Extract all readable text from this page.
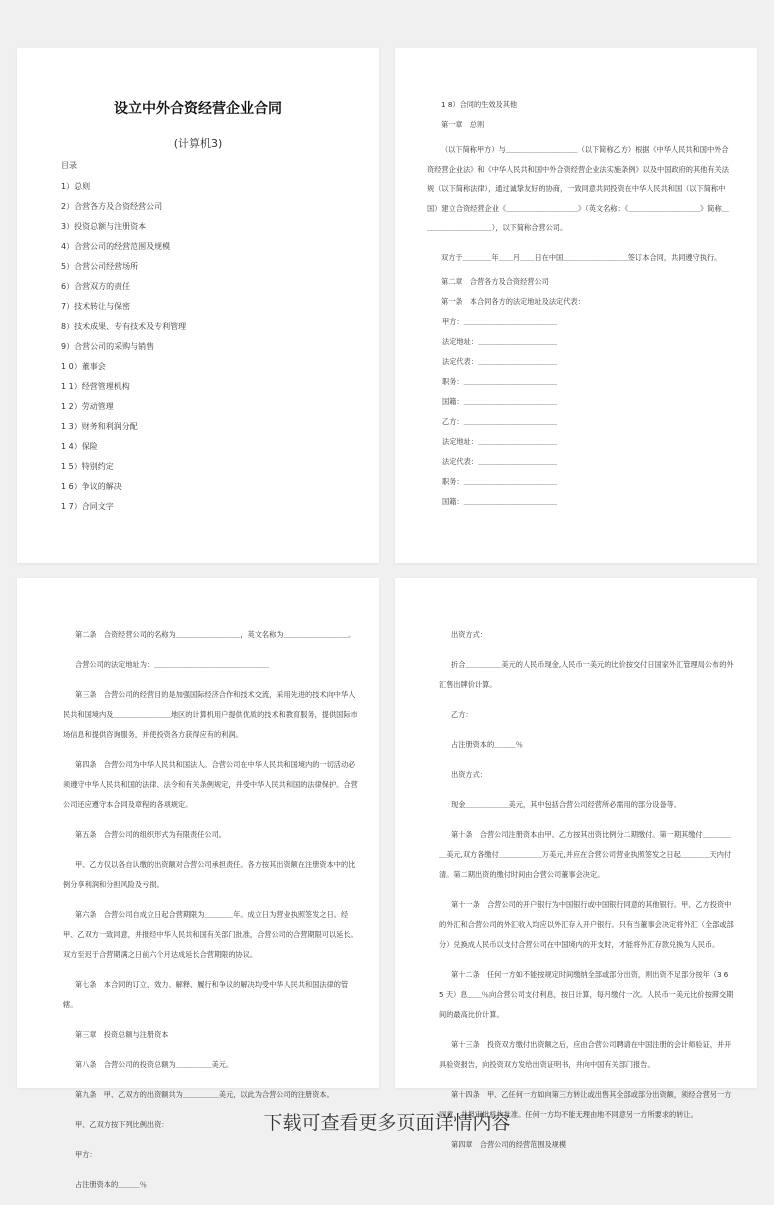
设立中外合资经营企业合同
(计算机3)
目录
1）总则
2）合营各方及合资经营公司
3）投资总额与注册资本
4）合营公司的经营范围及规模
5）合营公司经营场所
6）合营双方的责任
7）技术转让与保密
8）技术成果、专有技术及专利管理
9）合营公司的采购与销售
1 0）董事会
1 1）经营管理机构
1 2）劳动管理
1 3）财务和利润分配
1 4）保险
1 5）特别约定
1 6）争议的解决
1 7）合同文字
1 8）合同的生效及其他
第一章　总则
（以下简称甲方）与＿＿＿＿＿＿＿＿＿＿（以下简称乙方）根据《中华人民共和国中外合资经营企业法》和《中华人民共和国中外合资经营企业法实施条例》以及中国政府的其他有关法规（以下简称法律），通过诚挚友好的协商，一致同意共同投资在中华人民共和国（以下简称中国）建立合资经营企业《＿＿＿＿＿＿＿＿＿＿》（英文名称：《＿＿＿＿＿＿＿＿＿＿》简称＿＿＿＿＿＿＿＿＿＿），以下简称合营公司。
双方于＿＿＿＿年＿＿月＿＿日在中国＿＿＿＿＿＿＿＿＿签订本合同，共同遵守执行。
第二章　合营各方及合资经营公司
第一条　本合同各方的法定地址及法定代表：
甲方：＿＿＿＿＿＿＿＿＿＿＿＿＿
法定地址：＿＿＿＿＿＿＿＿＿＿＿
法定代表：＿＿＿＿＿＿＿＿＿＿＿
职务：＿＿＿＿＿＿＿＿＿＿＿＿＿
国籍：＿＿＿＿＿＿＿＿＿＿＿＿＿
乙方：＿＿＿＿＿＿＿＿＿＿＿＿＿
法定地址：＿＿＿＿＿＿＿＿＿＿＿
法定代表：＿＿＿＿＿＿＿＿＿＿＿
职务：＿＿＿＿＿＿＿＿＿＿＿＿＿
国籍：＿＿＿＿＿＿＿＿＿＿＿＿＿
第二条　合资经营公司的名称为＿＿＿＿＿＿＿＿＿，英文名称为＿＿＿＿＿＿＿＿＿。
合营公司的法定地址为：＿＿＿＿＿＿＿＿＿＿＿＿＿＿＿＿
第三条　合营公司的经营目的是加强国际经济合作和技术交流，采用先进的技术向中华人民共和国境内及＿＿＿＿＿＿＿＿地区的计算机用户提供优质的技术和教育服务，提供国际市场信息和提供咨询服务，并使投资各方获得应有的利润。
第四条　合营公司为中华人民共和国法人。合营公司在中华人民共和国境内的一切活动必须遵守中华人民共和国的法律、法令和有关条例规定，并受中华人民共和国的法律保护。合营公司还应遵守本合同及章程的各项规定。
第五条　合营公司的组织形式为有限责任公司。
甲、乙方仅以各自认缴的出资额对合营公司承担责任。各方按其出资额在注册资本中的比例分享利润和分担风险及亏损。
第六条　合营公司自成立日起合营期限为＿＿＿＿年。成立日为营业执照签发之日。经甲、乙双方一致同意，并报经中华人民共和国有关部门批准，合营公司的合营期限可以延长。双方至迟于合营期满之日前六个月达成延长合营期限的协议。
第七条　本合同的订立、效力、解释、履行和争议的解决均受中华人民共和国法律的管辖。
第三章　投资总额与注册资本
第八条　合营公司的投资总额为＿＿＿＿＿美元。
第九条　甲、乙双方的出资额共为＿＿＿＿＿美元，以此为合营公司的注册资本。
甲、乙双方按下列比例出资：
甲方：
占注册资本的＿＿＿％
出资方式：
折合＿＿＿＿＿美元的人民币现金,人民币一美元的比价按交付日国家外汇管理局公布的外汇售出牌价计算。
乙方：
占注册资本的＿＿＿％
出资方式：
现金＿＿＿＿＿＿美元，其中包括合营公司经营所必需用的部分设备等。
第十条　合营公司注册资本由甲、乙方按其出资比例分二期缴付。第一期其缴付＿＿＿＿＿美元,双方各缴付＿＿＿＿＿＿万美元,并应在合营公司营业执照签发之日起＿＿＿＿天内付清。第二期出资的缴付时间由合营公司董事会决定。
第十一条　合营公司的开户银行为中国银行或中国银行同意的其他银行。甲、乙方投资中的外汇和合营公司的外汇收入均应以外汇存入开户银行。只有当董事会决定将外汇（全部或部分）兑换成人民币以支付合营公司在中国境内的开支时，才能将外汇存款兑换为人民币。
第十二条　任何一方如不能按规定时间缴纳全部或部分出资，则出资不足部分按年（3 6 5 天）息＿＿％向合营公司支付利息，按日计算，每月缴付一次。人民币一美元比价按滞交期间的最高比价计算。
第十三条　投资双方缴付出资额之后，应由合营公司聘请在中国注册的会计师验证，并开具验资报告，向投资双方发给出资证明书，并向中国有关部门报告。
第十四条　甲、乙任何一方如向第三方转让或出售其全部或部分出资额，须经合营另一方同意，并报审批机构批准。任何一方均不能无理由地不同意另一方所要求的转让。
第四章　合营公司的经营范围及规模
下载可查看更多页面详情内容
